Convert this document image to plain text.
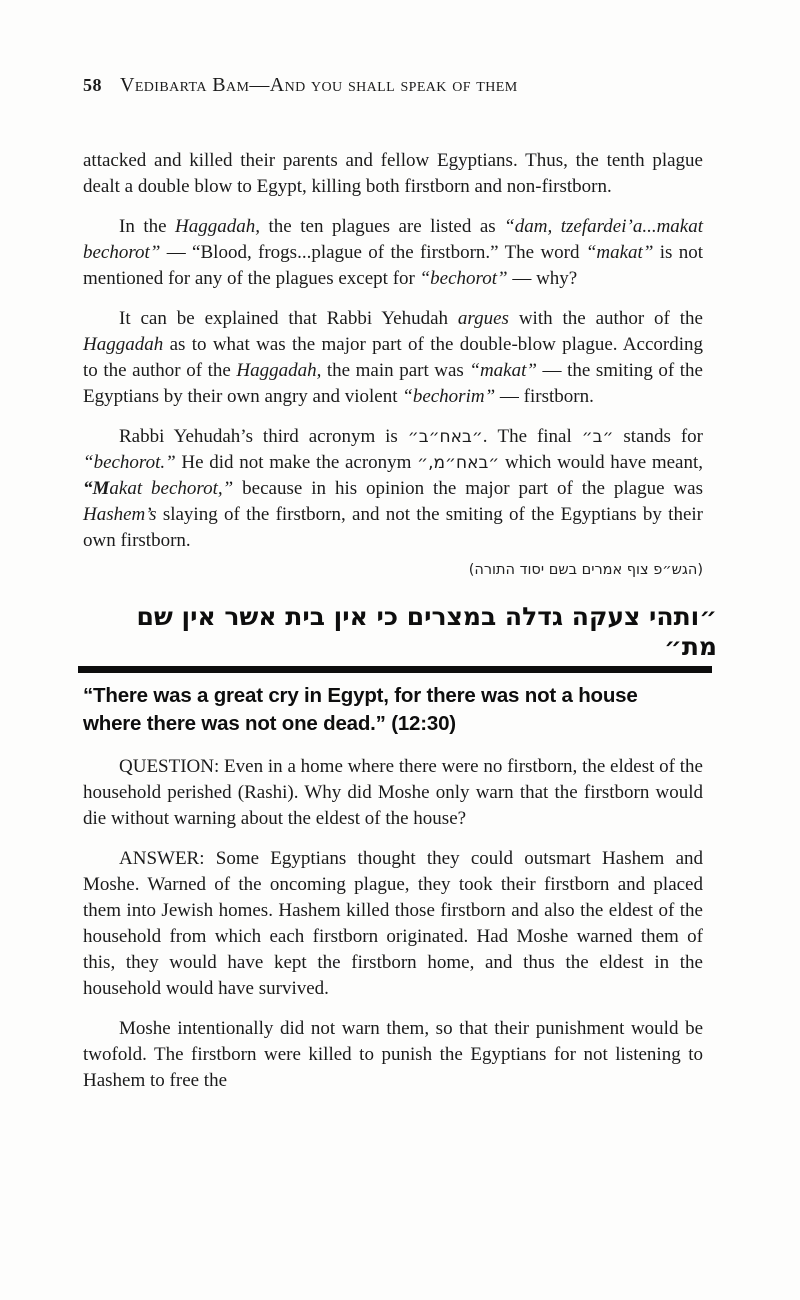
58 Vedibarta Bam—And you shall speak of them

attacked and killed their parents and fellow Egyptians. Thus, the tenth plague dealt a double blow to Egypt, killing both firstborn and non-firstborn.

In the Haggadah, the ten plagues are listed as “dam, tzefardei’a...makat bechorot” — “Blood, frogs...plague of the firstborn.” The word “makat” is not mentioned for any of the plagues except for “bechorot” — why?

It can be explained that Rabbi Yehudah argues with the author of the Haggadah as to what was the major part of the double-blow plague. According to the author of the Haggadah, the main part was “makat” — the smiting of the Egyptians by their own angry and violent “bechorim” — firstborn.

Rabbi Yehudah’s third acronym is ״באח״ב״. The final ״ב״ stands for “bechorot.” He did not make the acronym ״באח״מ,״ which would have meant, “Makat bechorot,” because in his opinion the major part of the plague was Hashem’s slaying of the firstborn, and not the smiting of the Egyptians by their own firstborn.

(הגש״פ צוף אמרים בשם יסוד התורה)
״ותהי צעקה גדלה במצרים כי אין בית אשר אין שם מת״
“There was a great cry in Egypt, for there was not a house where there was not one dead.” (12:30)

QUESTION: Even in a home where there were no firstborn, the eldest of the household perished (Rashi). Why did Moshe only warn that the firstborn would die without warning about the eldest of the house?

ANSWER: Some Egyptians thought they could outsmart Hashem and Moshe. Warned of the oncoming plague, they took their firstborn and placed them into Jewish homes. Hashem killed those firstborn and also the eldest of the household from which each firstborn originated. Had Moshe warned them of this, they would have kept the firstborn home, and thus the eldest in the household would have survived.

Moshe intentionally did not warn them, so that their punishment would be twofold. The firstborn were killed to punish the Egyptians for not listening to Hashem to free the
